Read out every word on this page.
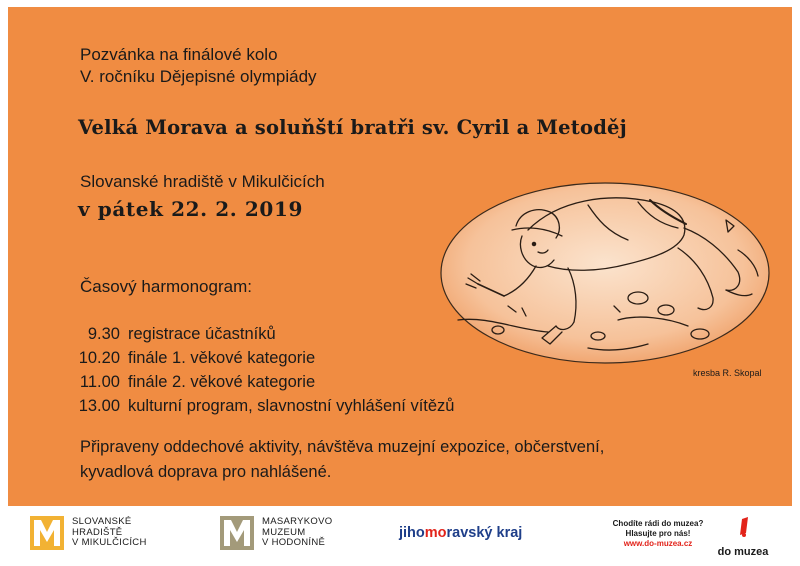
Pozvánka na finálové kolo
V. ročníku Dějepisné olympiády
Velká Morava a soluňští bratři sv. Cyril a Metoděj
Slovanské hradiště v Mikulčicích
v pátek 22. 2. 2019
Časový harmonogram:
9.30 registrace účastníků
10.20 finále 1. věkové kategorie
11.00 finále 2. věkové kategorie
13.00 kulturní program, slavnostní vyhlášení vítězů
Připraveny oddechové aktivity, návštěva muzejní expozice, občerstvení,
kyvadlová doprava pro nahlášené.
kresba R. Skopal
SLOVANSKÉ
HRADIŠTĚ
V MIKULČICÍCH
MASARYKOVO
MUZEUM
V HODONÍNĚ
jihomoravský kraj
Chodíte rádi do muzea?
Hlasujte pro nás!
www.do-muzea.cz
do muzea
